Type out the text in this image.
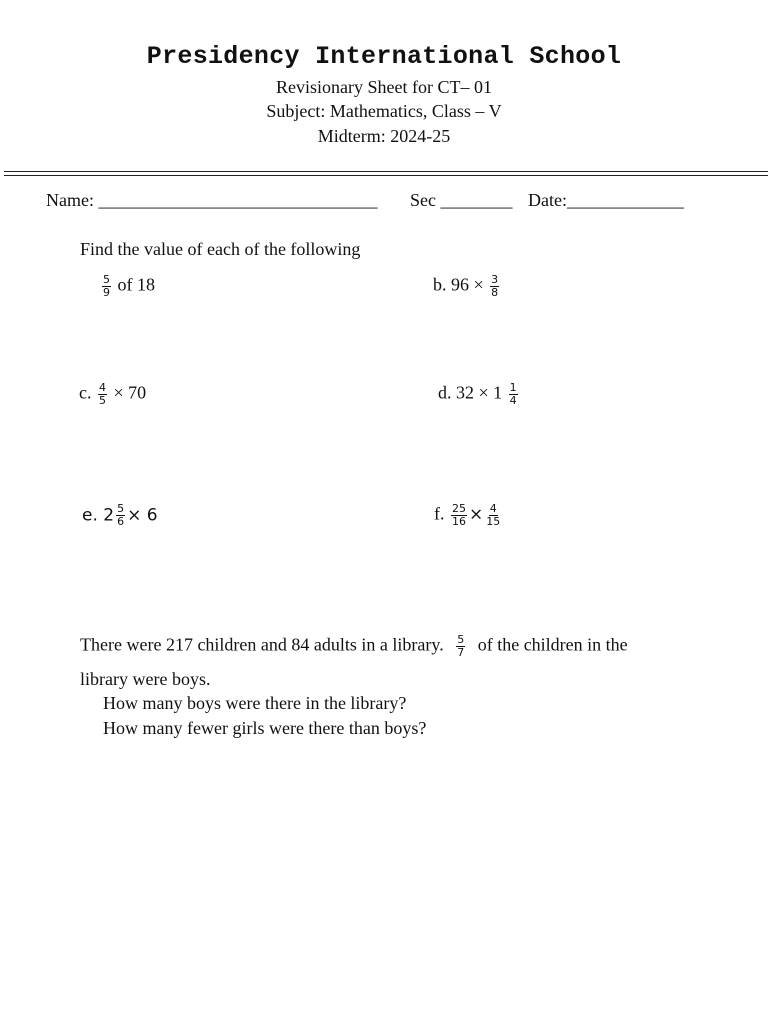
Presidency International School
Revisionary Sheet for CT– 01
Subject: Mathematics, Class – V
Midterm: 2024-25
Name: _______________________________ Sec ________ Date:_____________
Find the value of each of the following
$\frac{5}{9}$ of 18	b. $96 \times \frac{3}{8}$
c. $\frac{4}{5} \times 70$	d. $32 \times 1 \frac{1}{4}$
e. $2 \frac{5}{6} \times 6$	f. $\frac{25}{16} \times \frac{4}{15}$
There were 217 children and 84 adults in a library. $\frac{5}{7}$ of the children in the
library were boys.
How many boys were there in the library?
How many fewer girls were there than boys?
